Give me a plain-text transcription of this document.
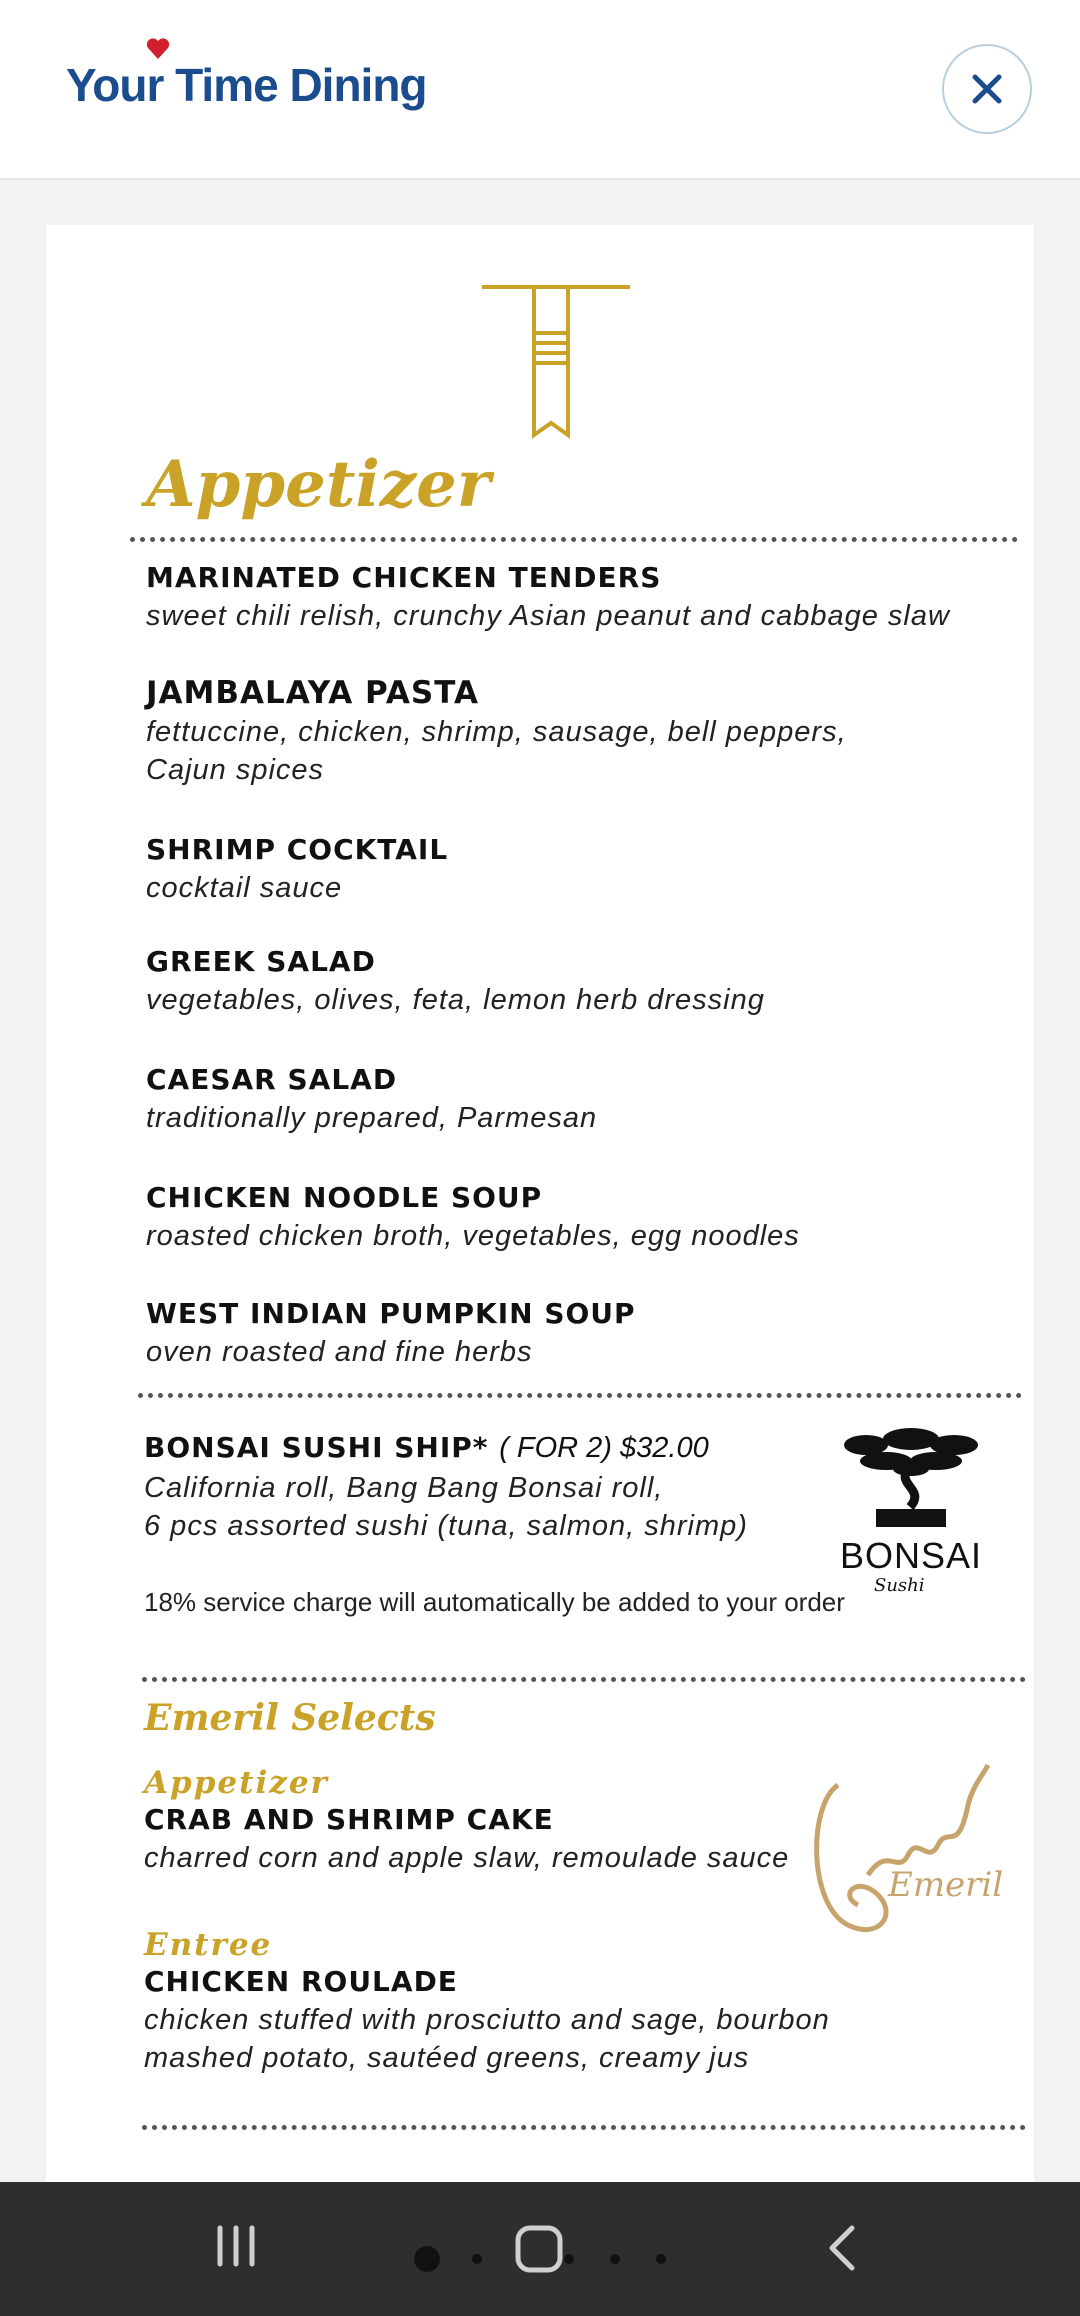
Your Time Dining
Appetizer
MARINATED CHICKEN TENDERS
sweet chili relish, crunchy Asian peanut and cabbage slaw
JAMBALAYA PASTA
fettuccine, chicken, shrimp, sausage, bell peppers,
Cajun spices
SHRIMP COCKTAIL
cocktail sauce
GREEK SALAD
vegetables, olives, feta, lemon herb dressing
CAESAR SALAD
traditionally prepared, Parmesan
CHICKEN NOODLE SOUP
roasted chicken broth, vegetables, egg noodles
WEST INDIAN PUMPKIN SOUP
oven roasted and fine herbs
BONSAI SUSHI SHIP* ( FOR 2) $32.00
California roll, Bang Bang Bonsai roll,
6 pcs assorted sushi (tuna, salmon, shrimp)
18% service charge will automatically be added to your order
BONSAI
Sushi
Emeril Selects
Appetizer
CRAB AND SHRIMP CAKE
charred corn and apple slaw, remoulade sauce
Emeril
Entree
CHICKEN ROULADE
chicken stuffed with prosciutto and sage, bourbon
mashed potato, sautéed greens, creamy jus
